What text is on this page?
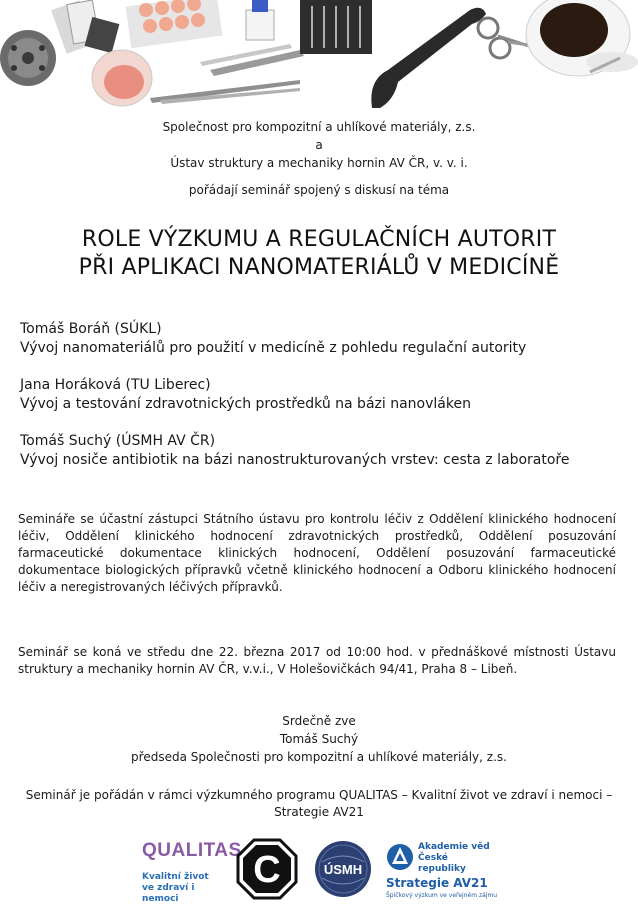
Společnost pro kompozitní a uhlíkové materiály, z.s.
a
Ústav struktury a mechaniky hornin AV ČR, v. v. i.
pořádají seminář spojený s diskusí na téma
ROLE VÝZKUMU A REGULAČNÍCH AUTORIT
PŘI APLIKACI NANOMATERIÁLŮ V MEDICÍNĚ
Tomáš Boráň (SÚKL)
Vývoj nanomateriálů pro použití v medicíně z pohledu regulační autority
Jana Horáková (TU Liberec)
Vývoj a testování zdravotnických prostředků na bázi nanovláken
Tomáš Suchý (ÚSMH AV ČR)
Vývoj nosiče antibiotik na bázi nanostrukturovaných vrstev: cesta z laboratoře
Semináře se účastní zástupci Státního ústavu pro kontrolu léčiv z Oddělení klinického hodnocení léčiv, Oddělení klinického hodnocení zdravotnických prostředků, Oddělení posuzování farmaceutické dokumentace klinických hodnocení, Oddělení posuzování farmaceutické dokumentace biologických přípravků včetně klinického hodnocení a Odboru klinického hodnocení léčiv a neregistrovaných léčivých přípravků.
Seminář se koná ve středu dne 22. března 2017 od 10:00 hod. v přednáškové místnosti Ústavu struktury a mechaniky hornin AV ČR, v.v.i., V Holešovičkách 94/41, Praha 8 – Libeň.
Srdečně zve
Tomáš Suchý
předseda Společnosti pro kompozitní a uhlíkové materiály, z.s.
Seminář je pořádán v rámci výzkumného programu QUALITAS – Kvalitní život ve zdraví i nemoci – Strategie AV21
QUALITAS
Kvalitní život
ve zdraví i nemoci
C	ÚSMH
Akademie věd
České republiky
Strategie AV21
Špičkový výzkum ve veřejném zájmu
